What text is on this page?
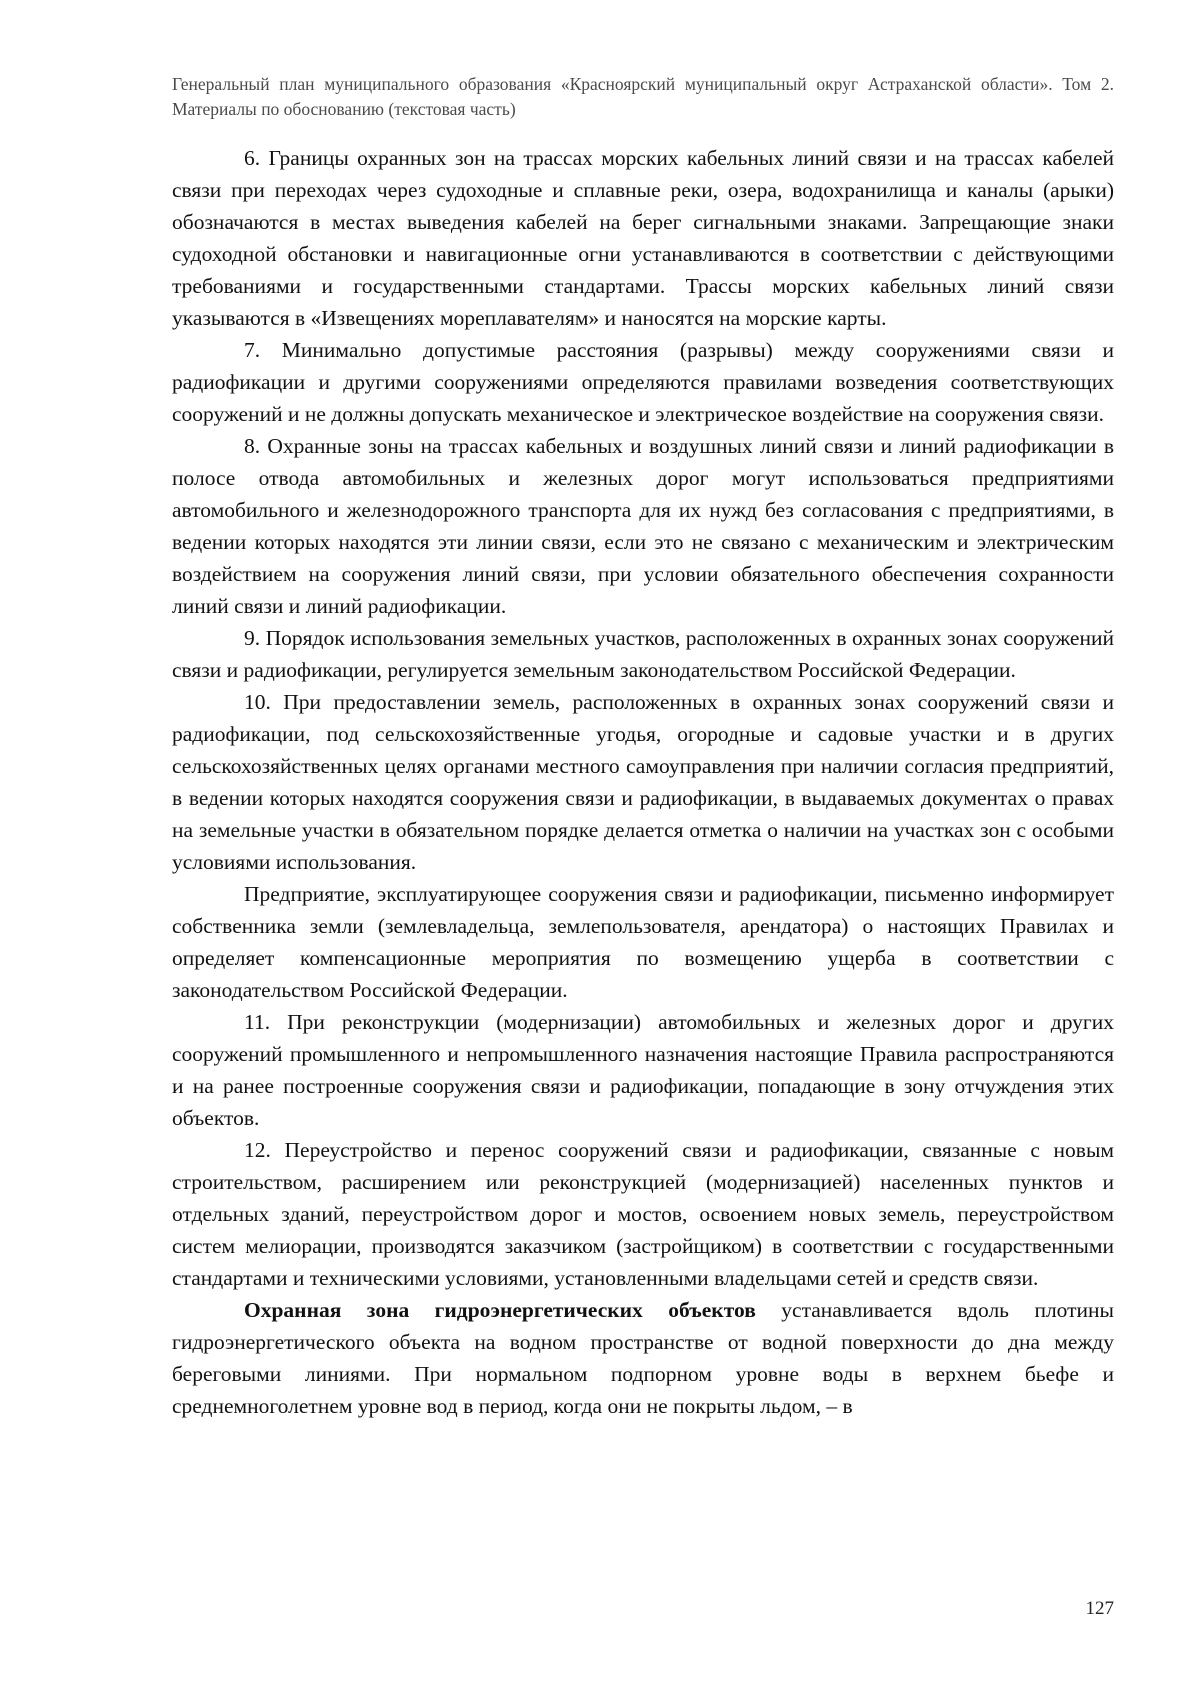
Генеральный план муниципального образования «Красноярский муниципальный округ Астраханской области». Том 2. Материалы по обоснованию (текстовая часть)

6. Границы охранных зон на трассах морских кабельных линий связи и на трассах кабелей связи при переходах через судоходные и сплавные реки, озера, водохранилища и каналы (арыки) обозначаются в местах выведения кабелей на берег сигнальными знаками. Запрещающие знаки судоходной обстановки и навигационные огни устанавливаются в соответствии с действующими требованиями и государственными стандартами. Трассы морских кабельных линий связи указываются в «Извещениях мореплавателям» и наносятся на морские карты.

7. Минимально допустимые расстояния (разрывы) между сооружениями связи и радиофикации и другими сооружениями определяются правилами возведения соответствующих сооружений и не должны допускать механическое и электрическое воздействие на сооружения связи.

8. Охранные зоны на трассах кабельных и воздушных линий связи и линий радиофикации в полосе отвода автомобильных и железных дорог могут использоваться предприятиями автомобильного и железнодорожного транспорта для их нужд без согласования с предприятиями, в ведении которых находятся эти линии связи, если это не связано с механическим и электрическим воздействием на сооружения линий связи, при условии обязательного обеспечения сохранности линий связи и линий радиофикации.

9. Порядок использования земельных участков, расположенных в охранных зонах сооружений связи и радиофикации, регулируется земельным законодательством Российской Федерации.

10. При предоставлении земель, расположенных в охранных зонах сооружений связи и радиофикации, под сельскохозяйственные угодья, огородные и садовые участки и в других сельскохозяйственных целях органами местного самоуправления при наличии согласия предприятий, в ведении которых находятся сооружения связи и радиофикации, в выдаваемых документах о правах на земельные участки в обязательном порядке делается отметка о наличии на участках зон с особыми условиями использования.

Предприятие, эксплуатирующее сооружения связи и радиофикации, письменно информирует собственника земли (землевладельца, землепользователя, арендатора) о настоящих Правилах и определяет компенсационные мероприятия по возмещению ущерба в соответствии с законодательством Российской Федерации.

11. При реконструкции (модернизации) автомобильных и железных дорог и других сооружений промышленного и непромышленного назначения настоящие Правила распространяются и на ранее построенные сооружения связи и радиофикации, попадающие в зону отчуждения этих объектов.

12. Переустройство и перенос сооружений связи и радиофикации, связанные с новым строительством, расширением или реконструкцией (модернизацией) населенных пунктов и отдельных зданий, переустройством дорог и мостов, освоением новых земель, переустройством систем мелиорации, производятся заказчиком (застройщиком) в соответствии с государственными стандартами и техническими условиями, установленными владельцами сетей и средств связи.

Охранная зона гидроэнергетических объектов устанавливается вдоль плотины гидроэнергетического объекта на водном пространстве от водной поверхности до дна между береговыми линиями. При нормальном подпорном уровне воды в верхнем бьефе и среднемноголетнем уровне вод в период, когда они не покрыты льдом, – в

127
